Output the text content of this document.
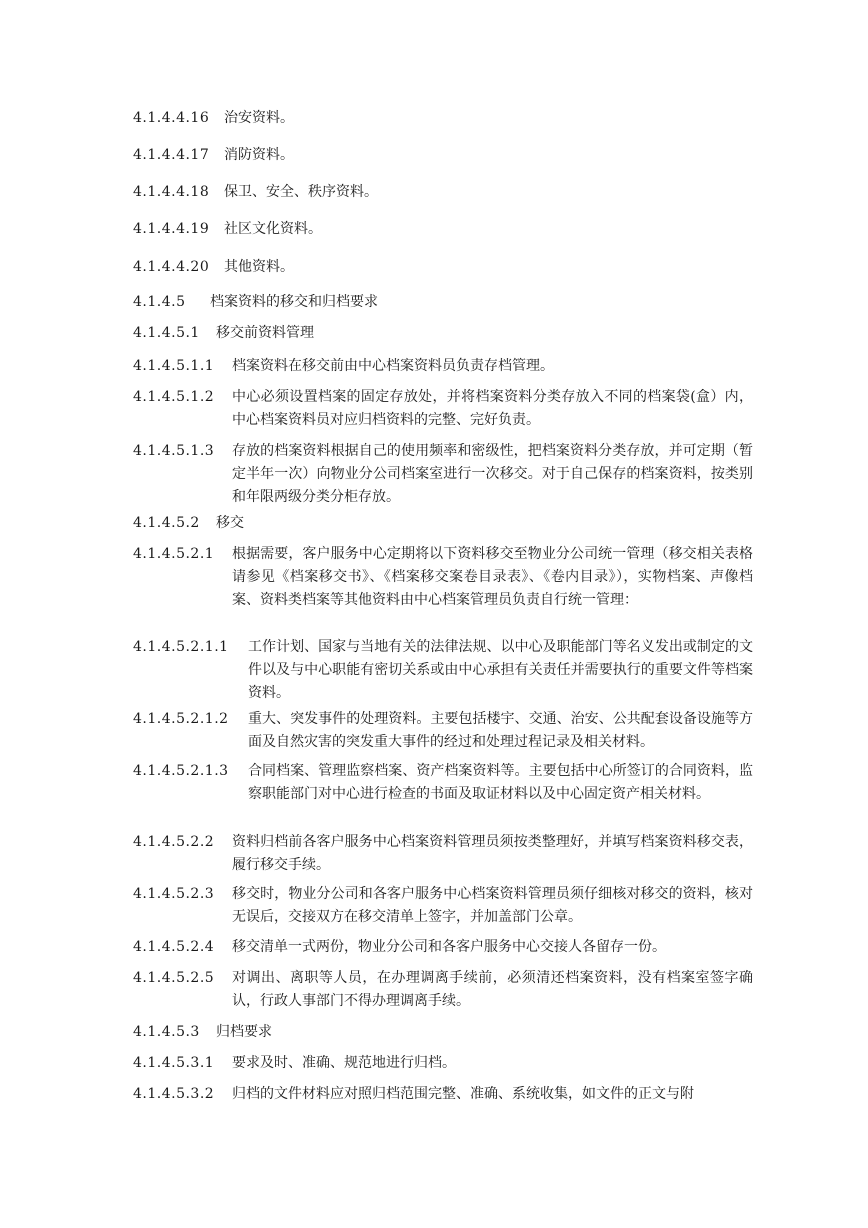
4.1.4.4.16	治安资料。
4.1.4.4.17	消防资料。
4.1.4.4.18	保卫、安全、秩序资料。
4.1.4.4.19	社区文化资料。
4.1.4.4.20	其他资料。
4.1.4.5	档案资料的移交和归档要求
4.1.4.5.1	移交前资料管理
4.1.4.5.1.1	档案资料在移交前由中心档案资料员负责存档管理。
4.1.4.5.1.2	中心必须设置档案的固定存放处，并将档案资料分类存放入不同的档案袋(盒）内，中心档案资料员对应归档资料的完整、完好负责。
4.1.4.5.1.3	存放的档案资料根据自己的使用频率和密级性，把档案资料分类存放，并可定期（暂定半年一次）向物业分公司档案室进行一次移交。对于自己保存的档案资料，按类别和年限两级分类分柜存放。
4.1.4.5.2	移交
4.1.4.5.2.1	根据需要，客户服务中心定期将以下资料移交至物业分公司统一管理（移交相关表格请参见《档案移交书》、《档案移交案卷目录表》、《卷内目录》），实物档案、声像档案、资料类档案等其他资料由中心档案管理员负责自行统一管理：
4.1.4.5.2.1.1	工作计划、国家与当地有关的法律法规、以中心及职能部门等名义发出或制定的文件以及与中心职能有密切关系或由中心承担有关责任并需要执行的重要文件等档案资料。
4.1.4.5.2.1.2	重大、突发事件的处理资料。主要包括楼宇、交通、治安、公共配套设备设施等方面及自然灾害的突发重大事件的经过和处理过程记录及相关材料。
4.1.4.5.2.1.3	合同档案、管理监察档案、资产档案资料等。主要包括中心所签订的合同资料，监察职能部门对中心进行检查的书面及取证材料以及中心固定资产相关材料。
4.1.4.5.2.2	资料归档前各客户服务中心档案资料管理员须按类整理好，并填写档案资料移交表，履行移交手续。
4.1.4.5.2.3	移交时，物业分公司和各客户服务中心档案资料管理员须仔细核对移交的资料，核对无误后，交接双方在移交清单上签字，并加盖部门公章。
4.1.4.5.2.4	移交清单一式两份，物业分公司和各客户服务中心交接人各留存一份。
4.1.4.5.2.5	对调出、离职等人员，在办理调离手续前，必须清还档案资料，没有档案室签字确认，行政人事部门不得办理调离手续。
4.1.4.5.3	归档要求
4.1.4.5.3.1	要求及时、准确、规范地进行归档。
4.1.4.5.3.2	归档的文件材料应对照归档范围完整、准确、系统收集，如文件的正文与附
